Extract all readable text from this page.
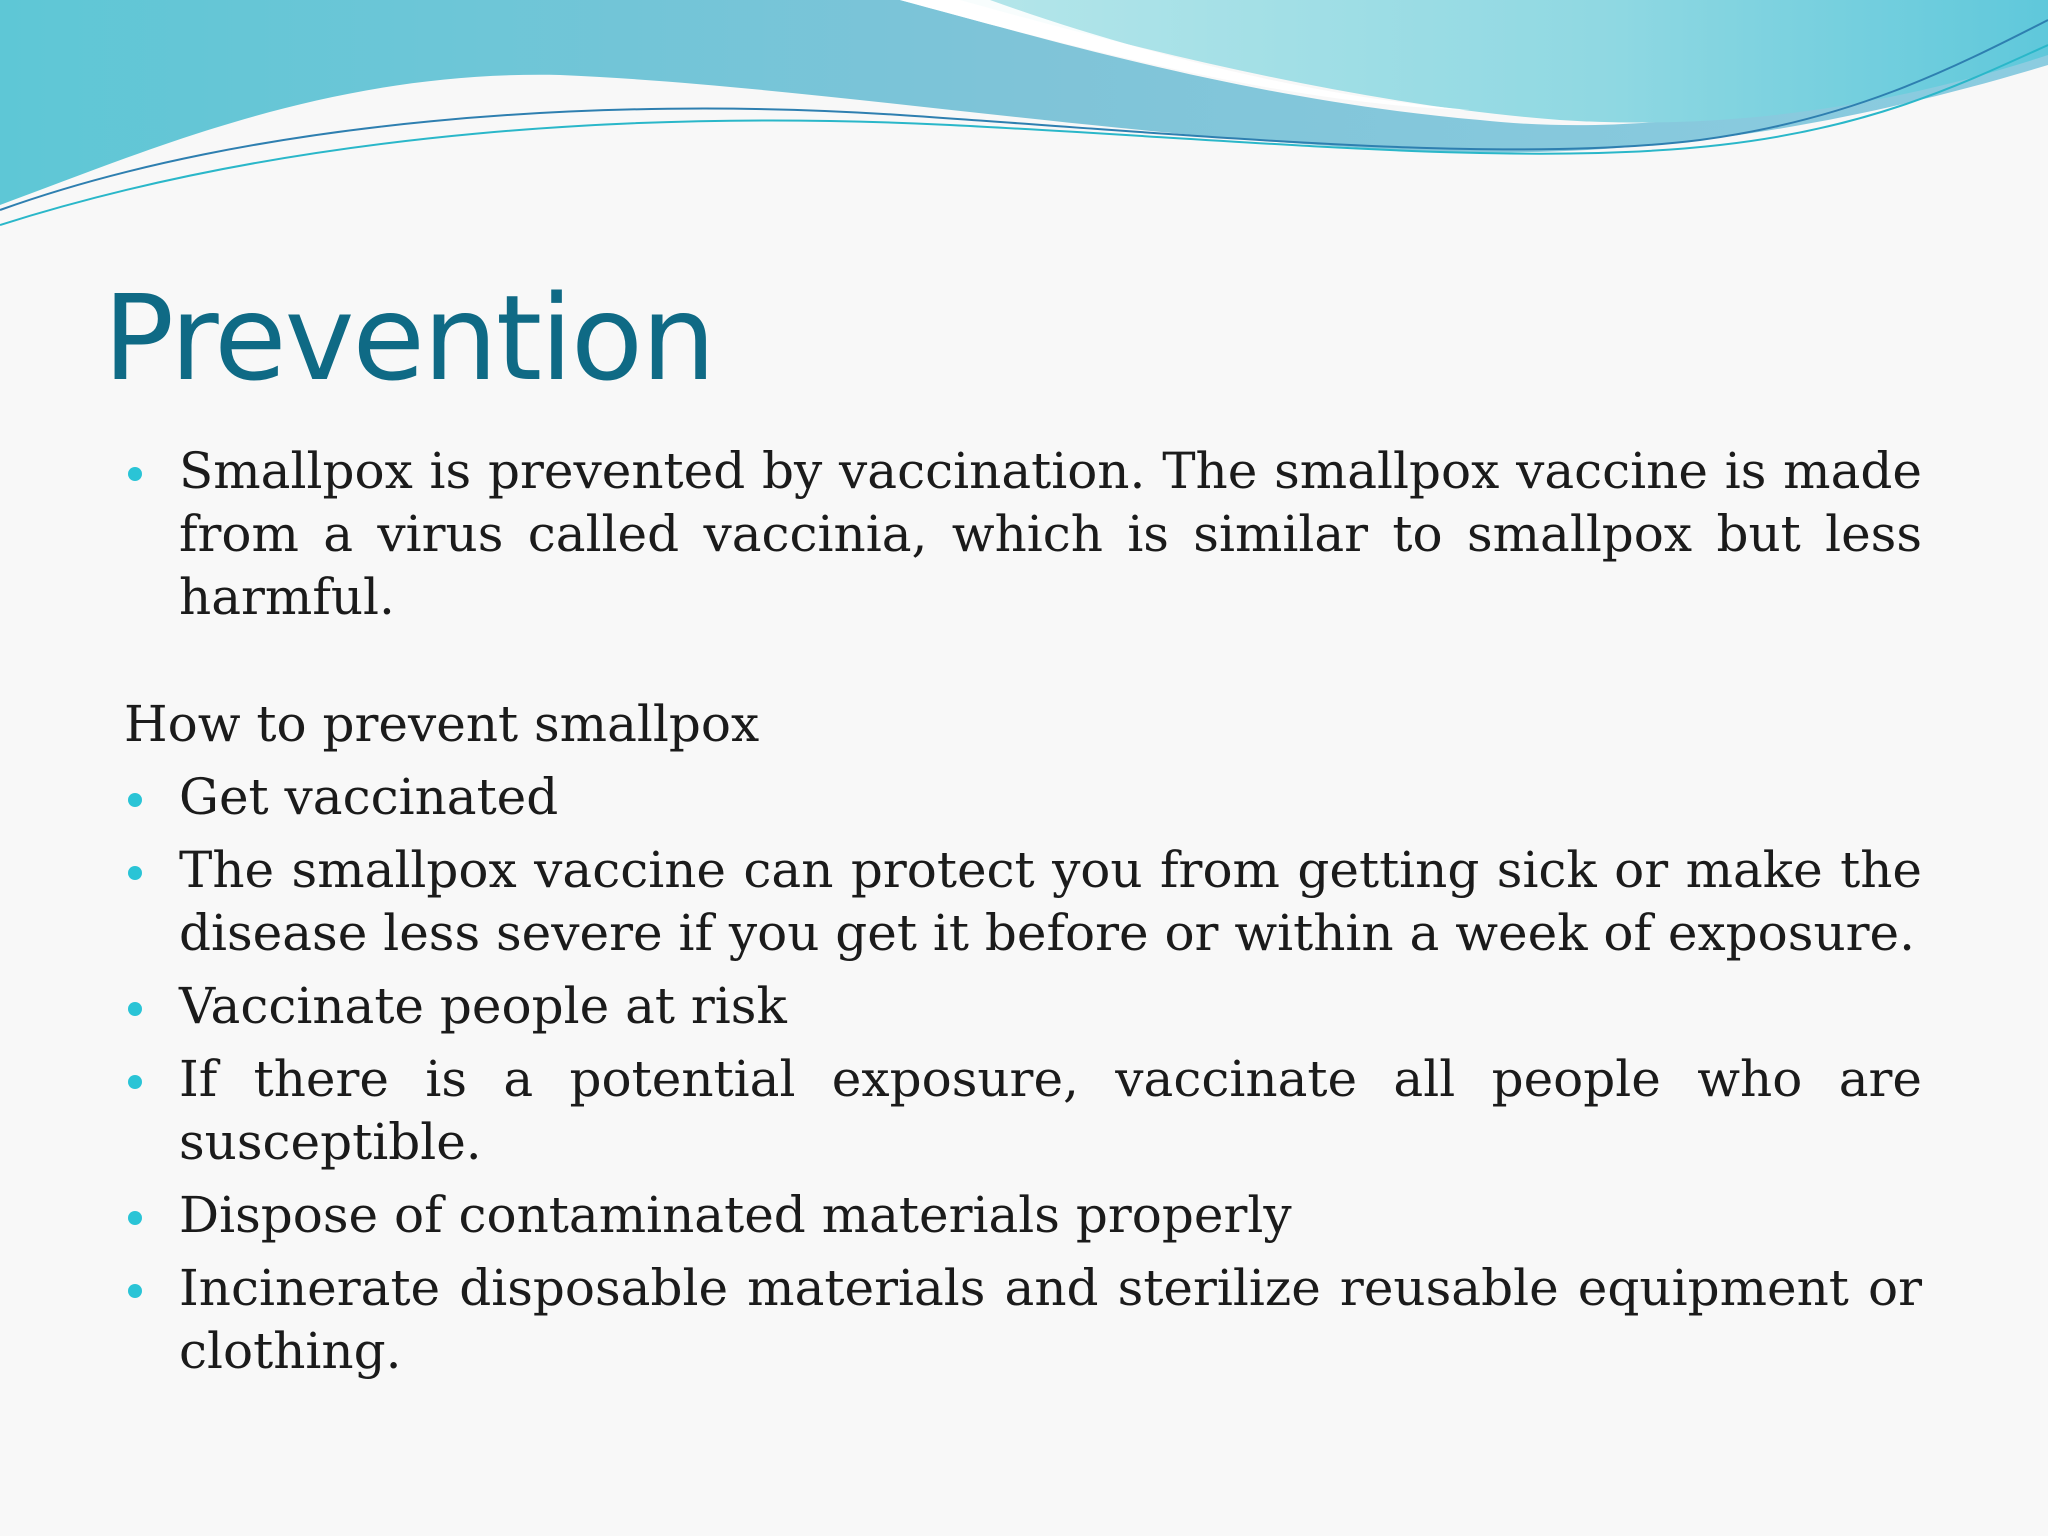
Prevention
Smallpox is prevented by vaccination. The smallpox vaccine is made from a virus called vaccinia, which is similar to smallpox but less harmful.
How to prevent smallpox
Get vaccinated
The smallpox vaccine can protect you from getting sick or make the disease less severe if you get it before or within a week of exposure.
Vaccinate people at risk
If there is a potential exposure, vaccinate all people who are susceptible.
Dispose of contaminated materials properly
Incinerate disposable materials and sterilize reusable equipment or clothing.
